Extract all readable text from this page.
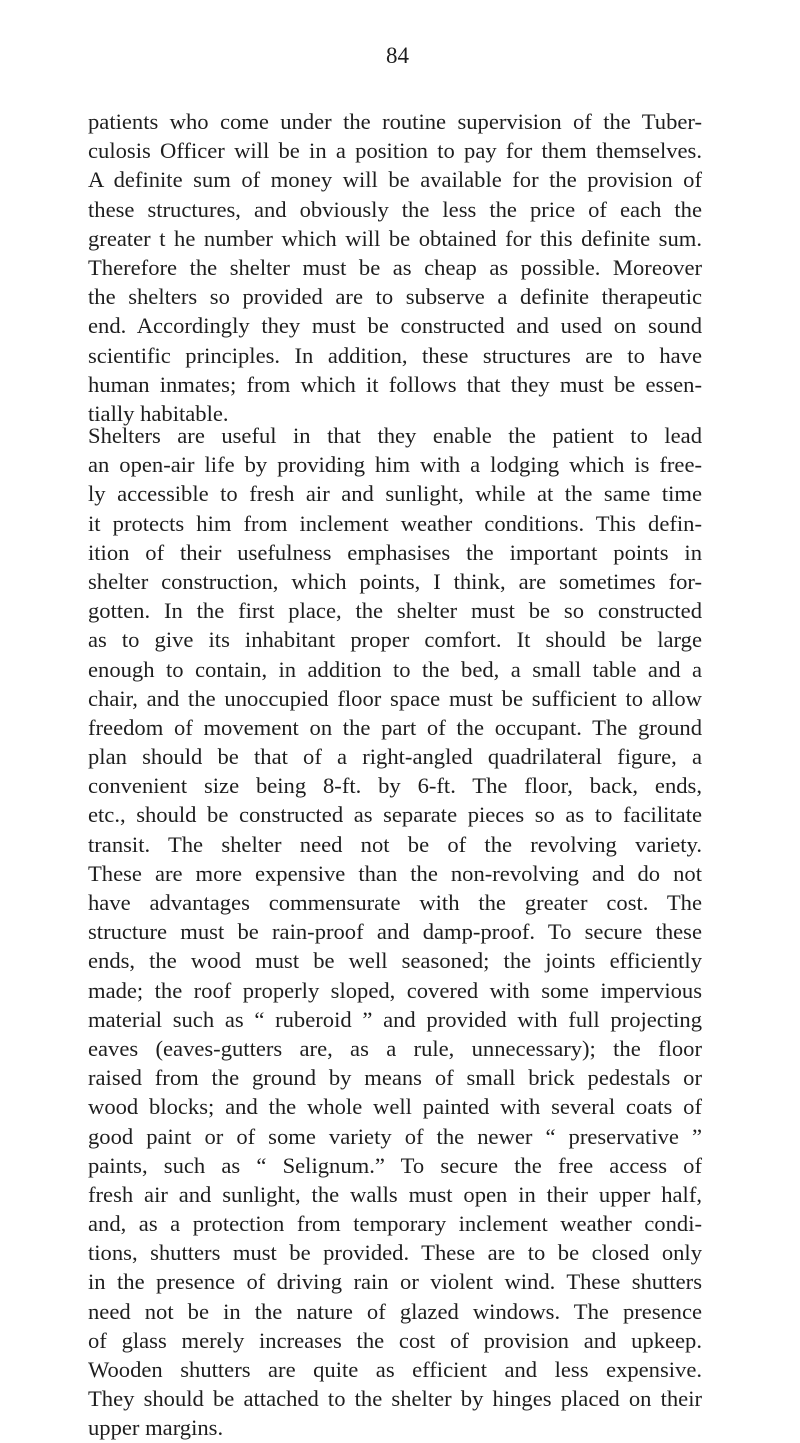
84
patients who come under the routine supervision of the Tuber-
culosis Officer will be in a position to pay for them themselves.
A definite sum of money will be available for the provision of
these structures, and obviously the less the price of each the
greater t he number which will be obtained for this definite sum.
Therefore the shelter must be as cheap as possible. Moreover
the shelters so provided are to subserve a definite therapeutic
end. Accordingly they must be constructed and used on sound
scientific principles. In addition, these structures are to have
human inmates; from which it follows that they must be essen-
tially habitable.
Shelters are useful in that they enable the patient to lead
an open-air life by providing him with a lodging which is free-
ly accessible to fresh air and sunlight, while at the same time
it protects him from inclement weather conditions. This defin-
ition of their usefulness emphasises the important points in
shelter construction, which points, I think, are sometimes for-
gotten. In the first place, the shelter must be so constructed
as to give its inhabitant proper comfort. It should be large
enough to contain, in addition to the bed, a small table and a
chair, and the unoccupied floor space must be sufficient to allow
freedom of movement on the part of the occupant. The ground
plan should be that of a right-angled quadrilateral figure, a
convenient size being 8-ft. by 6-ft. The floor, back, ends,
etc., should be constructed as separate pieces so as to facilitate
transit. The shelter need not be of the revolving variety.
These are more expensive than the non-revolving and do not
have advantages commensurate with the greater cost. The
structure must be rain-proof and damp-proof. To secure these
ends, the wood must be well seasoned; the joints efficiently
made; the roof properly sloped, covered with some impervious
material such as “ ruberoid ” and provided with full projecting
eaves (eaves-gutters are, as a rule, unnecessary); the floor
raised from the ground by means of small brick pedestals or
wood blocks; and the whole well painted with several coats of
good paint or of some variety of the newer “ preservative ”
paints, such as “ Selignum.” To secure the free access of
fresh air and sunlight, the walls must open in their upper half,
and, as a protection from temporary inclement weather condi-
tions, shutters must be provided. These are to be closed only
in the presence of driving rain or violent wind. These shutters
need not be in the nature of glazed windows. The presence
of glass merely increases the cost of provision and upkeep.
Wooden shutters are quite as efficient and less expensive.
They should be attached to the shelter by hinges placed on their
upper margins.
